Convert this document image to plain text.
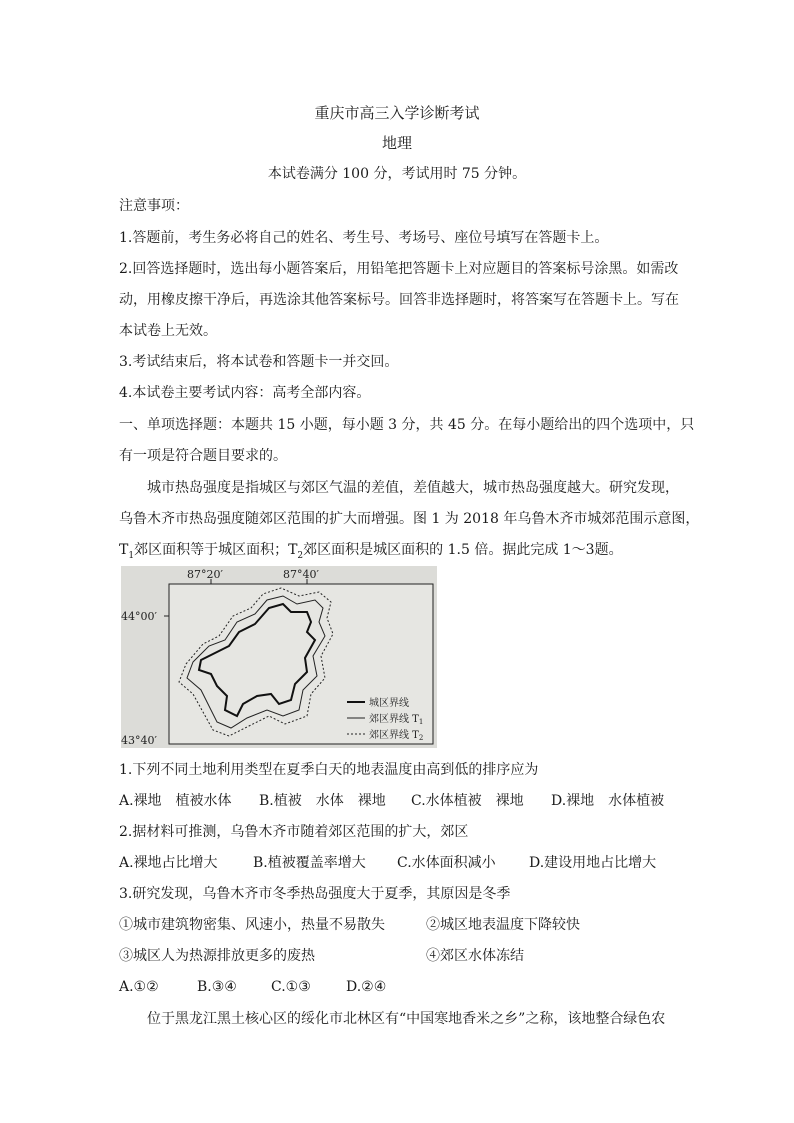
重庆市高三入学诊断考试
地理
本试卷满分 100 分，考试用时 75 分钟。
注意事项：
1.答题前，考生务必将自己的姓名、考生号、考场号、座位号填写在答题卡上。
2.回答选择题时，选出每小题答案后，用铅笔把答题卡上对应题目的答案标号涂黑。如需改
动，用橡皮擦干净后，再选涂其他答案标号。回答非选择题时，将答案写在答题卡上。写在
本试卷上无效。
3.考试结束后，将本试卷和答题卡一并交回。
4.本试卷主要考试内容：高考全部内容。
一、单项选择题：本题共 15 小题，每小题 3 分，共 45 分。在每小题给出的四个选项中，只
有一项是符合题目要求的。
城市热岛强度是指城区与郊区气温的差值，差值越大，城市热岛强度越大。研究发现，
乌鲁木齐市热岛强度随郊区范围的扩大而增强。图 1 为 2018 年乌鲁木齐市城郊范围示意图，
$T_1$郊区面积等于城区面积；$T_2$郊区面积是城区面积的 1.5 倍。据此完成 1～3题。
87°20′	87°40′
44°00′
43°40′
城区界线
郊区界线 $T_1$
郊区界线 $T_2$
1.下列不同土地利用类型在夏季白天的地表温度由高到低的排序应为
A.裸地　植被水体 B.植被　水体　裸地 C.水体植被　裸地 D.裸地　水体植被
2.据材料可推测，乌鲁木齐市随着郊区范围的扩大，郊区
A.裸地占比增大	B.植被覆盖率增大 C.水体面积减小 D.建设用地占比增大
3.研究发现，乌鲁木齐市冬季热岛强度大于夏季，其原因是冬季
①城市建筑物密集、风速小，热量不易散失	②城区地表温度下降较快
③城区人为热源排放更多的废热	④郊区水体冻结
A.①②	B.③④ C.①③	D.②④
位于黑龙江黑土核心区的绥化市北林区有“中国寒地香米之乡”之称，该地整合绿色农
